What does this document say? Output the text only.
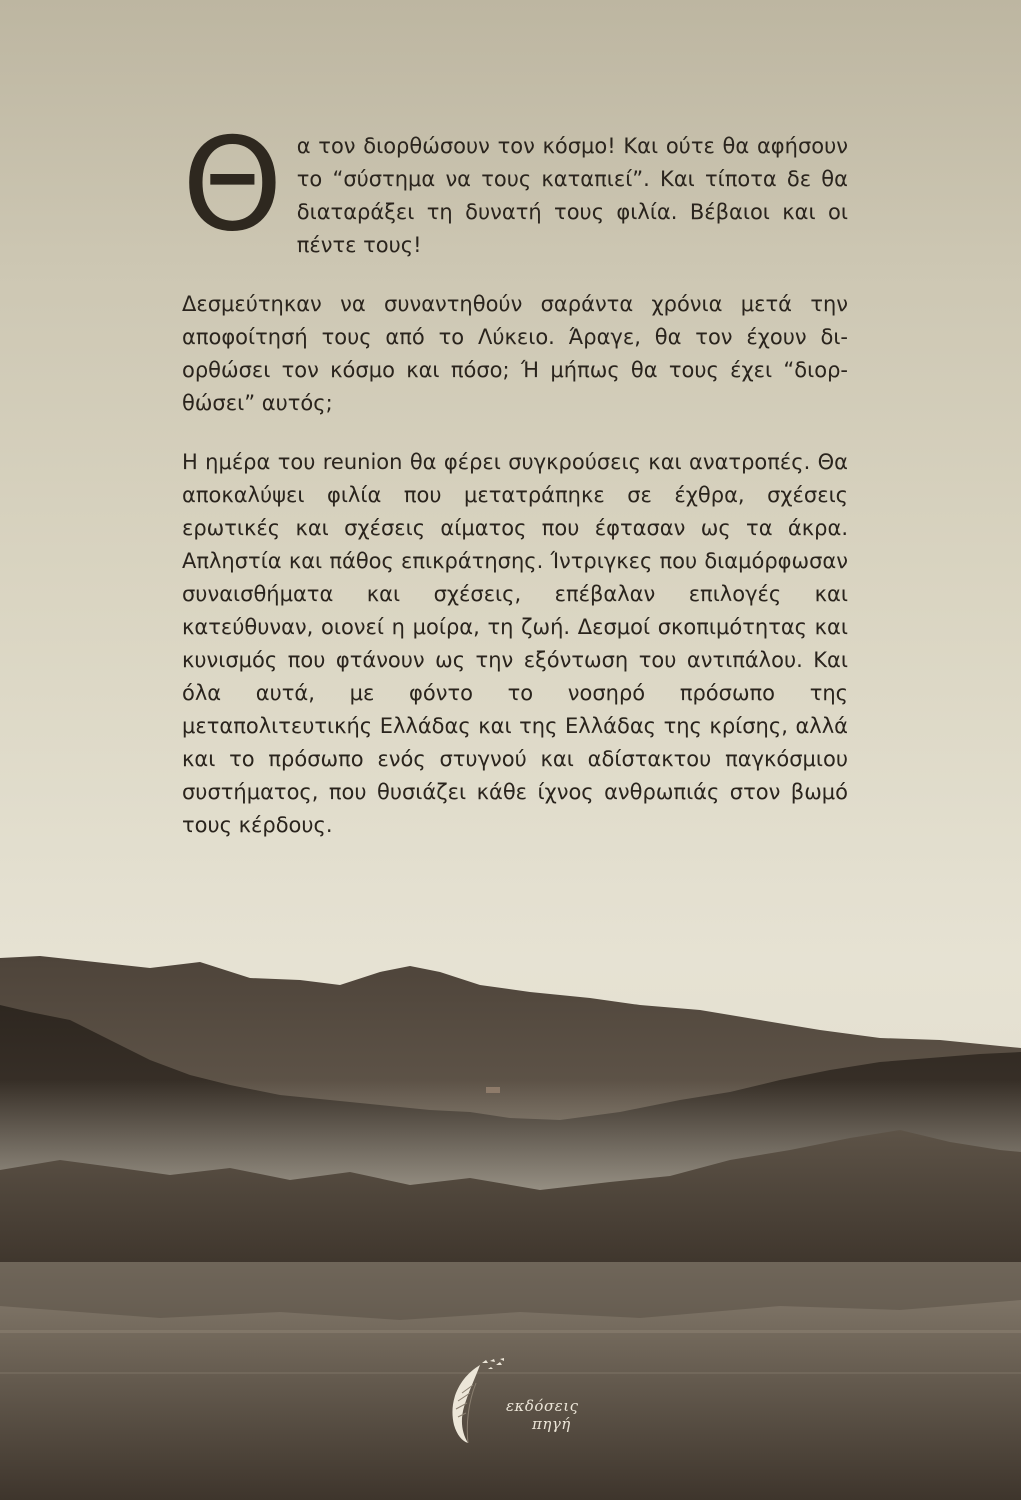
Θ α τον διορθώσουν τον κόσμο! Και ούτε θα αφήσουν το “σύστημα να τους καταπιεί”. Και τίποτα δε θα διαταράξει τη δυνατή τους φιλία. Βέβαιοι και οι πέντε τους!

Δεσμεύτηκαν να συναντηθούν σαράντα χρόνια μετά την αποφοίτησή τους από το Λύκειο. Άραγε, θα τον έχουν διορθώσει τον κόσμο και πόσο; Ή μήπως θα τους έχει “διορθώσει” αυτός;

Η ημέρα του reunion θα φέρει συγκρούσεις και ανατροπές. Θα αποκαλύψει φιλία που μετατράπηκε σε έχθρα, σχέσεις ερωτικές και σχέσεις αίματος που έφτασαν ως τα άκρα. Απληστία και πάθος επικράτησης. Ίντριγκες που διαμόρφωσαν συναισθήματα και σχέσεις, επέβαλαν επιλογές και κατεύθυναν, οιονεί η μοίρα, τη ζωή. Δεσμοί σκοπιμότητας και κυνισμός που φτάνουν ως την εξόντωση του αντιπάλου. Και όλα αυτά, με φόντο το νοσηρό πρόσωπο της μεταπολιτευτικής Ελλάδας και της Ελλάδας της κρίσης, αλλά και το πρόσωπο ενός στυγνού και αδίστακτου παγκόσμιου συστήματος, που θυσιάζει κάθε ίχνος ανθρωπιάς στον βωμό τους κέρδους.

εκδόσεις
πηγή
